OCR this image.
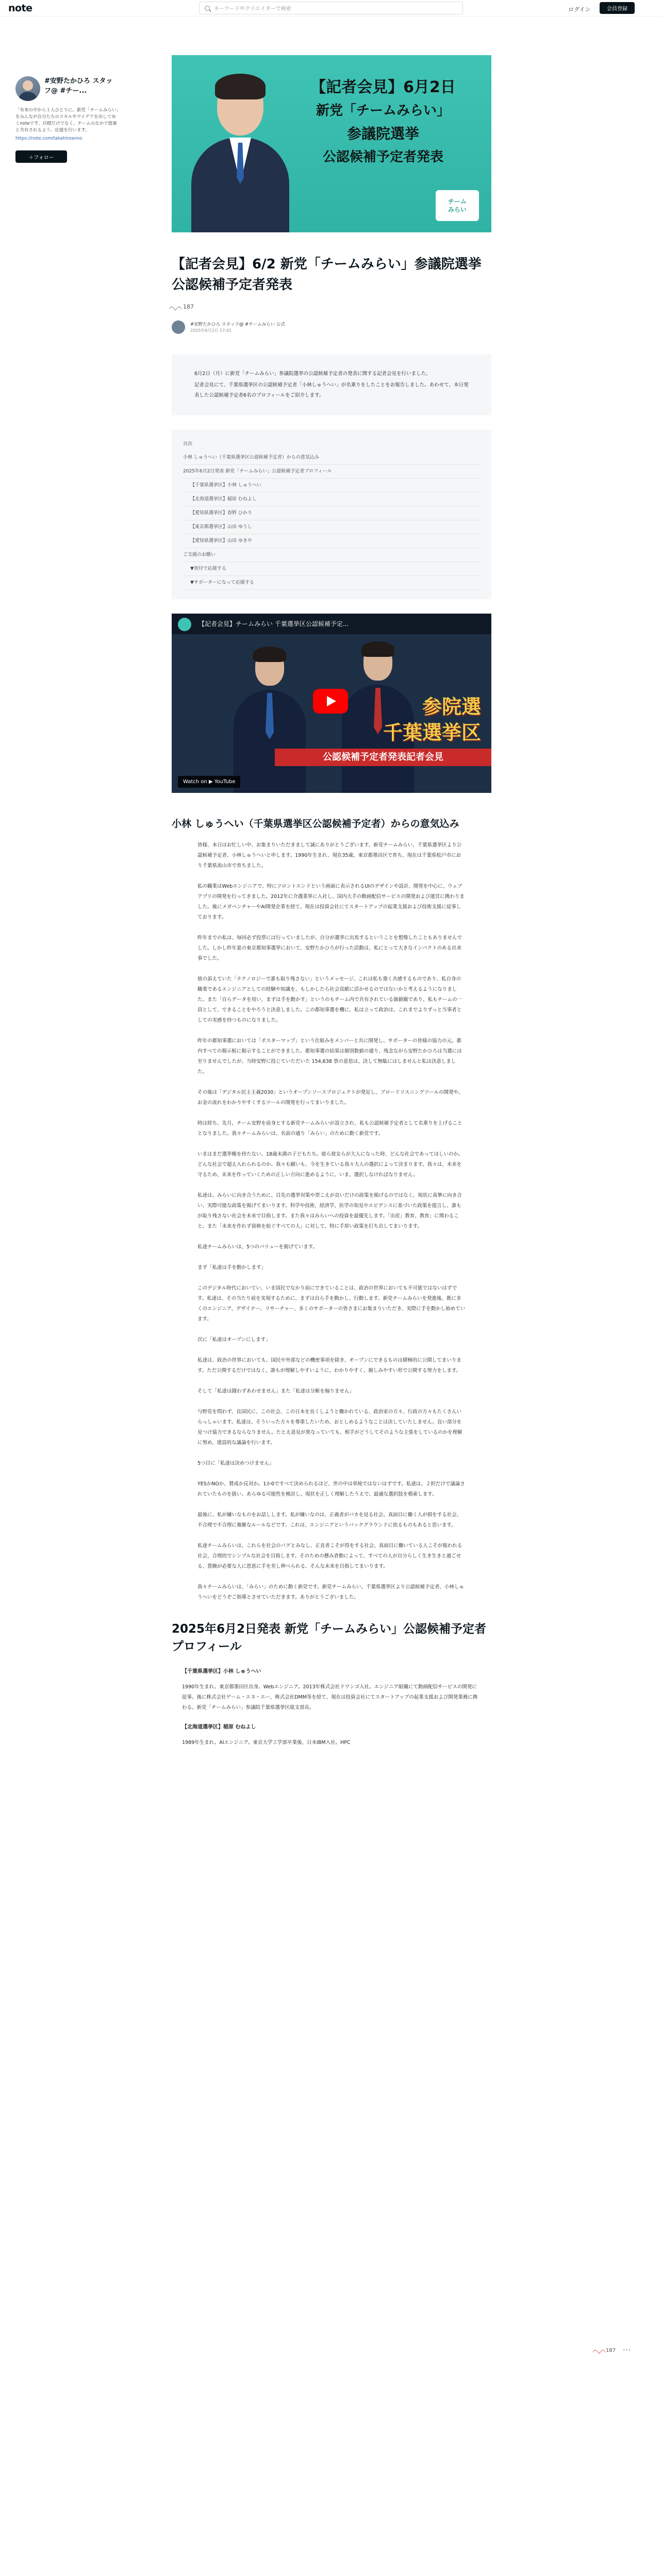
note	キーワードやクリエイターで検索	ログイン	会員登録
#安野たかひろ スタッフ@ #チー...
「有来の中から１人ひとりに。新党「チームみらい」をみんなが自分たちのスキルやアイデアを出してゆくnoteです。目標だけでなく、チームのなかで提案と共有されるよう、応援を行います。
https://note.com/takahiroanno
＋フォロー
【記者会見】6月2日
新党「チームみらい」
参議院選挙
公認候補予定者発表
チーム
みらい
【記者会見】6/2 新党「チームみらい」参議院選挙 公認候補予定者発表
187
#安野たかひろ スタッフ@ #チームみらい 公式
2025年6月2日 17:01

6月2日（月）に新党「チームみらい」参議院選挙の公認候補予定者の発表に関する記者会見を行いました。

記者会見にて、千葉県選挙区の公認候補予定者「小林しゅうへい」が名乗りをしたことをお報告しました。あわせて、本日発表した公認候補予定者6名のプロフィールをご紹介します。

目次
小林 しゅうへい（千葉県選挙区公認候補予定者）からの意気込み
2025年6月2日発表 新党「チームみらい」公認候補予定者プロフィール
【千葉県選挙区】小林 しゅうへい
【北海道選挙区】稲原 むねよし
【愛知県選挙区】春野 ひかり
【東京都選挙区】山田 ゆうし
【愛知県選挙区】山田 ゆきや
ご支援のお願い
▼寄付で応援する
▼サポーターになって応援する
【記者会見】チームみらい 千葉選挙区公認候補予定...
参院選
千葉選挙区
公認候補予定者発表記者会見
Watch on ▶ YouTube
小林 しゅうへい（千葉県選挙区公認候補予定者）からの意気込み

皆様、本日はお忙しい中、お集まりいただきまして誠にありがとうございます。新党チームみらい、千葉県選挙区より公認候補予定者、小林しゅうへいと申します。1990年生まれ、現在35歳、東京都墨田区で育ち、現在は千葉県松戸市におり千葉県流山市で育ちました。

私の職業はWebエンジニアで、特にフロントエンドという画面に表示されるUIのデザインや設計、開発を中心に、ウェブアプリの開発を行ってきました。2012年に介護業界に入社し、国内大手の動画配信サービスの開発および運営に携わりました。後にメガベンチャーやAI開発企業を経て、現在は投資会社にてスタートアップの起業支援および技術支援に従事しております。

昨年までの私は、毎回必ず投票には行っていましたが、自分が選挙に出馬するということを想像したこともありませんでした。しかし昨年夏の東京都知事選挙において、安野たかひろが行った活動は、私にとって大きなインパクトのある出来事でした。

彼の訴えていた「テクノロジーで誰も取り残さない」というメッセージ、これは私も強く共感するものであり、私自身の職業であるエンジニアとしての経験や知識を、もしかしたら社会貢献に活かせるのではないかと考えるようになりました。また「自らデータを用い、まずは手を動かす」というのもチーム内で共有されている価値観であり、私もチームの一員として、できることをやろうと決意しました。この都知事選を機に、私は立って政治は、これまでよりずっと当事者としての実感を持つものになりました。

昨年の都知事選においては「ポスターマップ」という仕組みをメンバーと共に開発し、サポーターの皆様の協力の元、都内すべての掲示板に掲示することができました。都知事選の結果は個別数値の通り、残念ながら安野たかひろは当選には至りませんでしたが、当時安野に投じていただいた 154,638 票の意思は、決して無駄にはしませんと私は決意しました。

その後は「デジタル民主主義2030」というオープンソースプロジェクトが発足し、ブロードリスニングツールの開発や、お金の流れをわかりやすくするツールの開発を行ってまいりました。

時は経ち、先月、チーム安野を前身とする新党チームみらいが設立され、私も公認候補予定者として名乗りを上げることとなりました。我々チームみらいは、名前の通り「みらい」のために動く新党です。

いまはまだ選挙権を持たない、18歳未満の子どもたち。彼ら彼女らが大人になった時、どんな社会であってほしいのか。どんな社会で超え入れられるのか。我々も願いも、今を生きている我々大人の選択によって決まります。我々は、未来を守るため、未来を作っていくための正しい方向に進めるように、いま、選択しなければなりません。

私達は、みらいに向き合うために、目先の選挙対策や票こえが良いだけの政策を掲げるのではなく、現状に真摯に向き合い、実際可能な政策を掲げてまいります。科学や技術、経済学、医学の知見やエビデンスに基づいた政策を提言し、誰もが取り残さない社会を未来で目指します。また我々はみらいへの投資を最優先します。「出産」教育、教育」に関わること。また「未来を作れず資格を紡ぐすべての人」に対して、特に手厚い政策を打ち出してまいります。

私達チームみらいは、5つのバリューを掲げています。

まず「私達は手を動かします」

このデジタル時代においてい、いま国民でなかり前にできていることは、政治の世界においても不可能ではないはずです。私達は、その当たり前を実現するために、まずは自ら手を動かし、行動します。新党チームみらいを発進後、既に多くのエンジニア、デザイナー、リサーチャー、多くのサポーターの皆さまにお集まりいただき、実際に手を動かし始めています。

次に「私達はオープンにします」

私達は、政治の世界においても、国民や外部などの機密事項を除き、オープンにできるものは積極的に公開してまいります。ただ公開するだけではなく、誰もが理解しやすいように、わかりやすく、親しみやすい形で公開する努力をします。

そして「私達は闘わずあわせません」また「私達は分断を煽りません」

与野党を問わず、良国民に、この社会、この日本を良くしようと働かれている、政治家の方々、行政の方々もたくさんいらっしゃいます。私達は、そういった方々を尊重したいため、おとしめるようなことは決していたしません。良い部分を見つけ協力できるならなりません。たとえ意見が異なっていても、相手がどうしてそのような主張をしているのかを理解に努め、建設的な議論を行います。

5つ目に「私達は決めつけません」

YESかNOか、賛成か反対か。1か0ですべて決められるほど、世の中は単純ではないはずです。私達は、２択だけで議論されていたものを扱い、あらゆる可能性を検討し、現状を正しく理解したうえで、最適な選択肢を模索します。

最後に、私が嫌いなものをお話しします。私が嫌いなのは、正義者がバカを見る社会、真面目に働く人が損をする社会、不合理で不合理に複雑なルールなどです。これは、エンジニアというバックグラウンドに依るものもあると思います。

私達チームみらいは、これらを社会のバグとみなし、正直者こそが得をする社会、真面目に働いている人こそが報われる社会、合理的でシンプルな社会を目指します。そのための懸み倉動によって、すべての人が自分らしく生き生きと過ごせる、豊饒が必要な人に恩恵に手を差し伸べられる、そんな未来を目指してまいります。

我々チームみらいは、「みらい」のために動く新党です。新党チームみらい、千葉県選挙区より公認候補予定者、小林しゅうへいをどうぞご指導とさせていただきます。ありがとうございました。

2025年6月2日発表 新党「チームみらい」公認候補予定者プロフィール
【千葉県選挙区】小林 しゅうへい

1990年生まれ。東京都墨田区出身。Webエンジニア。2013年株式会社ドワンゴ入社。エンジニア組織にて動画配信サービスの開発に従事。後に株式会社ゲーム・エヌ・エー、株式会社DMM等を経て、現在は投資会社にてスタートアップの起業支援および開発業務に携わる。新党「チームみらい」参議院千葉県選挙区総支部長。

【北海道選挙区】稲原 むねよし

1989年生まれ。AIエンジニア。東京大学工学部卒業後、日本IBM入社。HPC

187 ···
